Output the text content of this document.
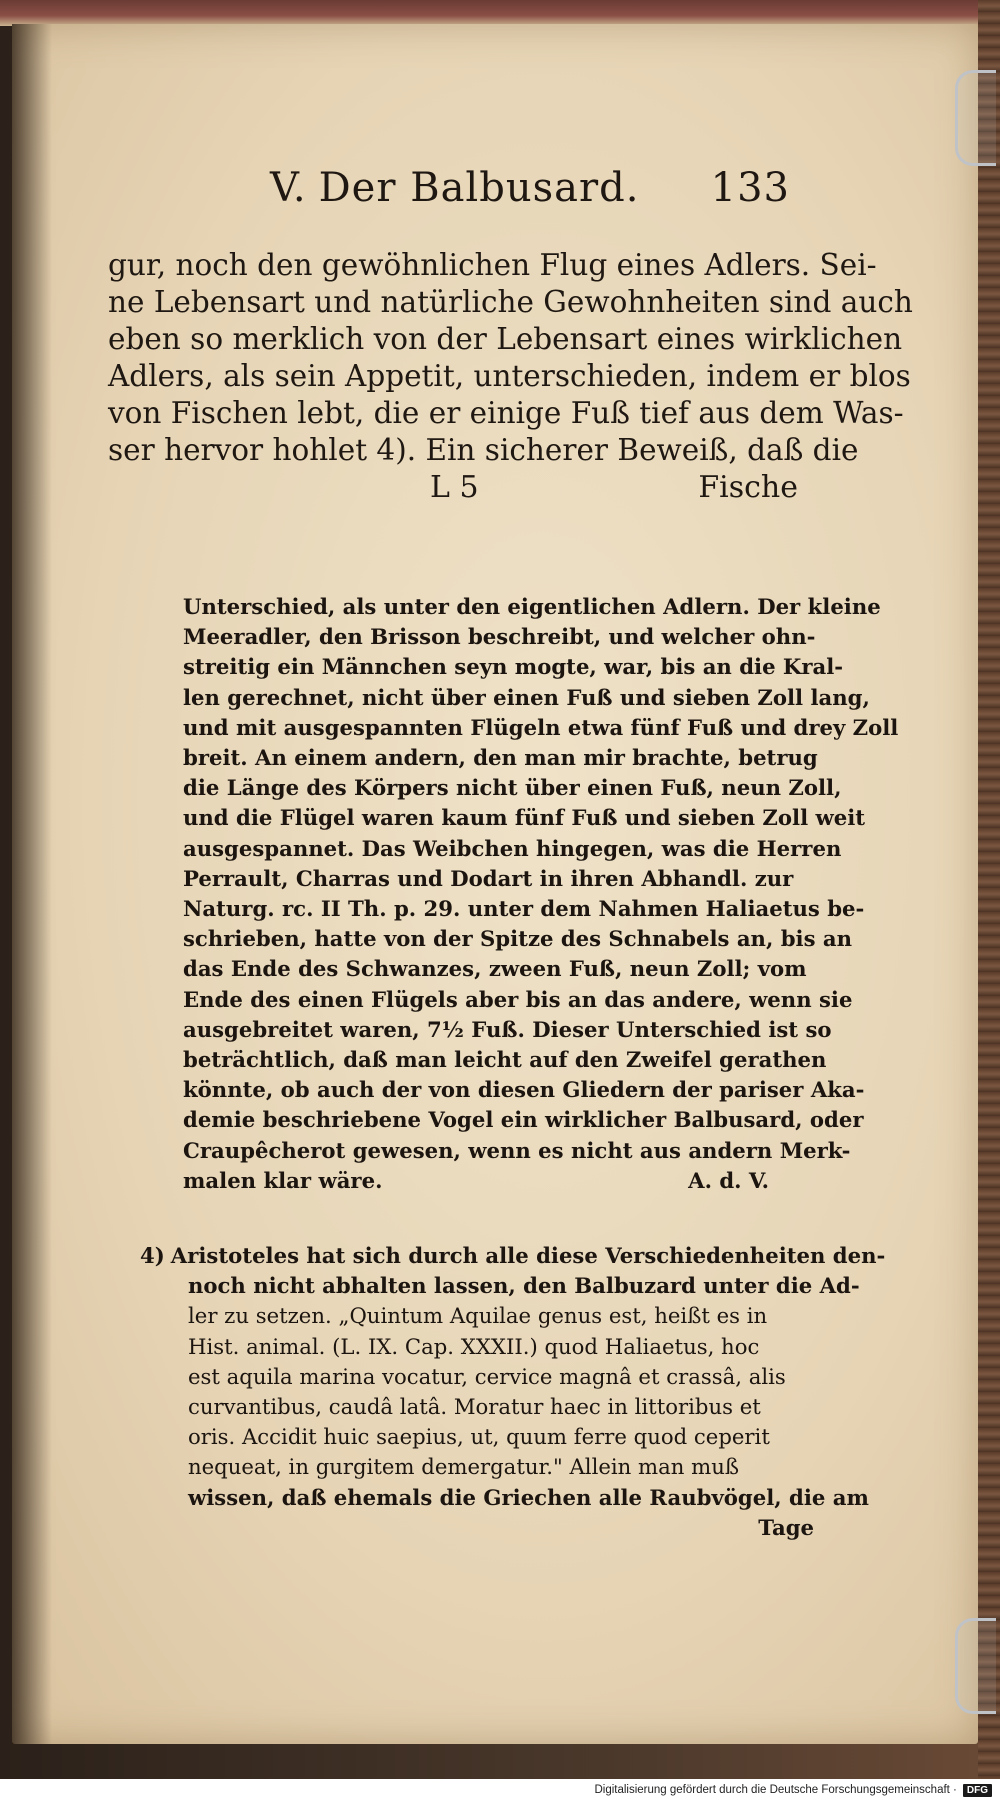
V. Der Balbusard.	133
gur, noch den gewöhnlichen Flug eines Adlers. Sei-
ne Lebensart und natürliche Gewohnheiten sind auch
eben so merklich von der Lebensart eines wirklichen
Adlers, als sein Appetit, unterschieden, indem er blos
von Fischen lebt, die er einige Fuß tief aus dem Was-
ser hervor hohlet 4). Ein sicherer Beweiß, daß die
L 5	Fische
Unterschied, als unter den eigentlichen Adlern. Der kleine
Meeradler, den Brisson beschreibt, und welcher ohn-
streitig ein Männchen seyn mogte, war, bis an die Kral-
len gerechnet, nicht über einen Fuß und sieben Zoll lang,
und mit ausgespannten Flügeln etwa fünf Fuß und drey Zoll
breit. An einem andern, den man mir brachte, betrug
die Länge des Körpers nicht über einen Fuß, neun Zoll,
und die Flügel waren kaum fünf Fuß und sieben Zoll weit
ausgespannet. Das Weibchen hingegen, was die Herren
Perrault, Charras und Dodart in ihren Abhandl. zur
Naturg. rc. II Th. p. 29. unter dem Nahmen Haliaetus be-
schrieben, hatte von der Spitze des Schnabels an, bis an
das Ende des Schwanzes, zween Fuß, neun Zoll; vom
Ende des einen Flügels aber bis an das andere, wenn sie
ausgebreitet waren, 7½ Fuß. Dieser Unterschied ist so
beträchtlich, daß man leicht auf den Zweifel gerathen
könnte, ob auch der von diesen Gliedern der pariser Aka-
demie beschriebene Vogel ein wirklicher Balbusard, oder
Craupêcherot gewesen, wenn es nicht aus andern Merk-
malen klar wäre.	A. d. V.
4) Aristoteles hat sich durch alle diese Verschiedenheiten den-
noch nicht abhalten lassen, den Balbuzard unter die Ad-
ler zu setzen. „Quintum Aquilae genus est, heißt es in
Hist. animal. (L. IX. Cap. XXXII.) quod Haliaetus, hoc
est aquila marina vocatur, cervice magnâ et crassâ, alis
curvantibus, caudâ latâ. Moratur haec in littoribus et
oris. Accidit huic saepius, ut, quum ferre quod ceperit
nequeat, in gurgitem demergatur." Allein man muß
wissen, daß ehemals die Griechen alle Raubvögel, die am
Tage
Digitalisierung gefördert durch die Deutsche Forschungsgemeinschaft ·	DFG
